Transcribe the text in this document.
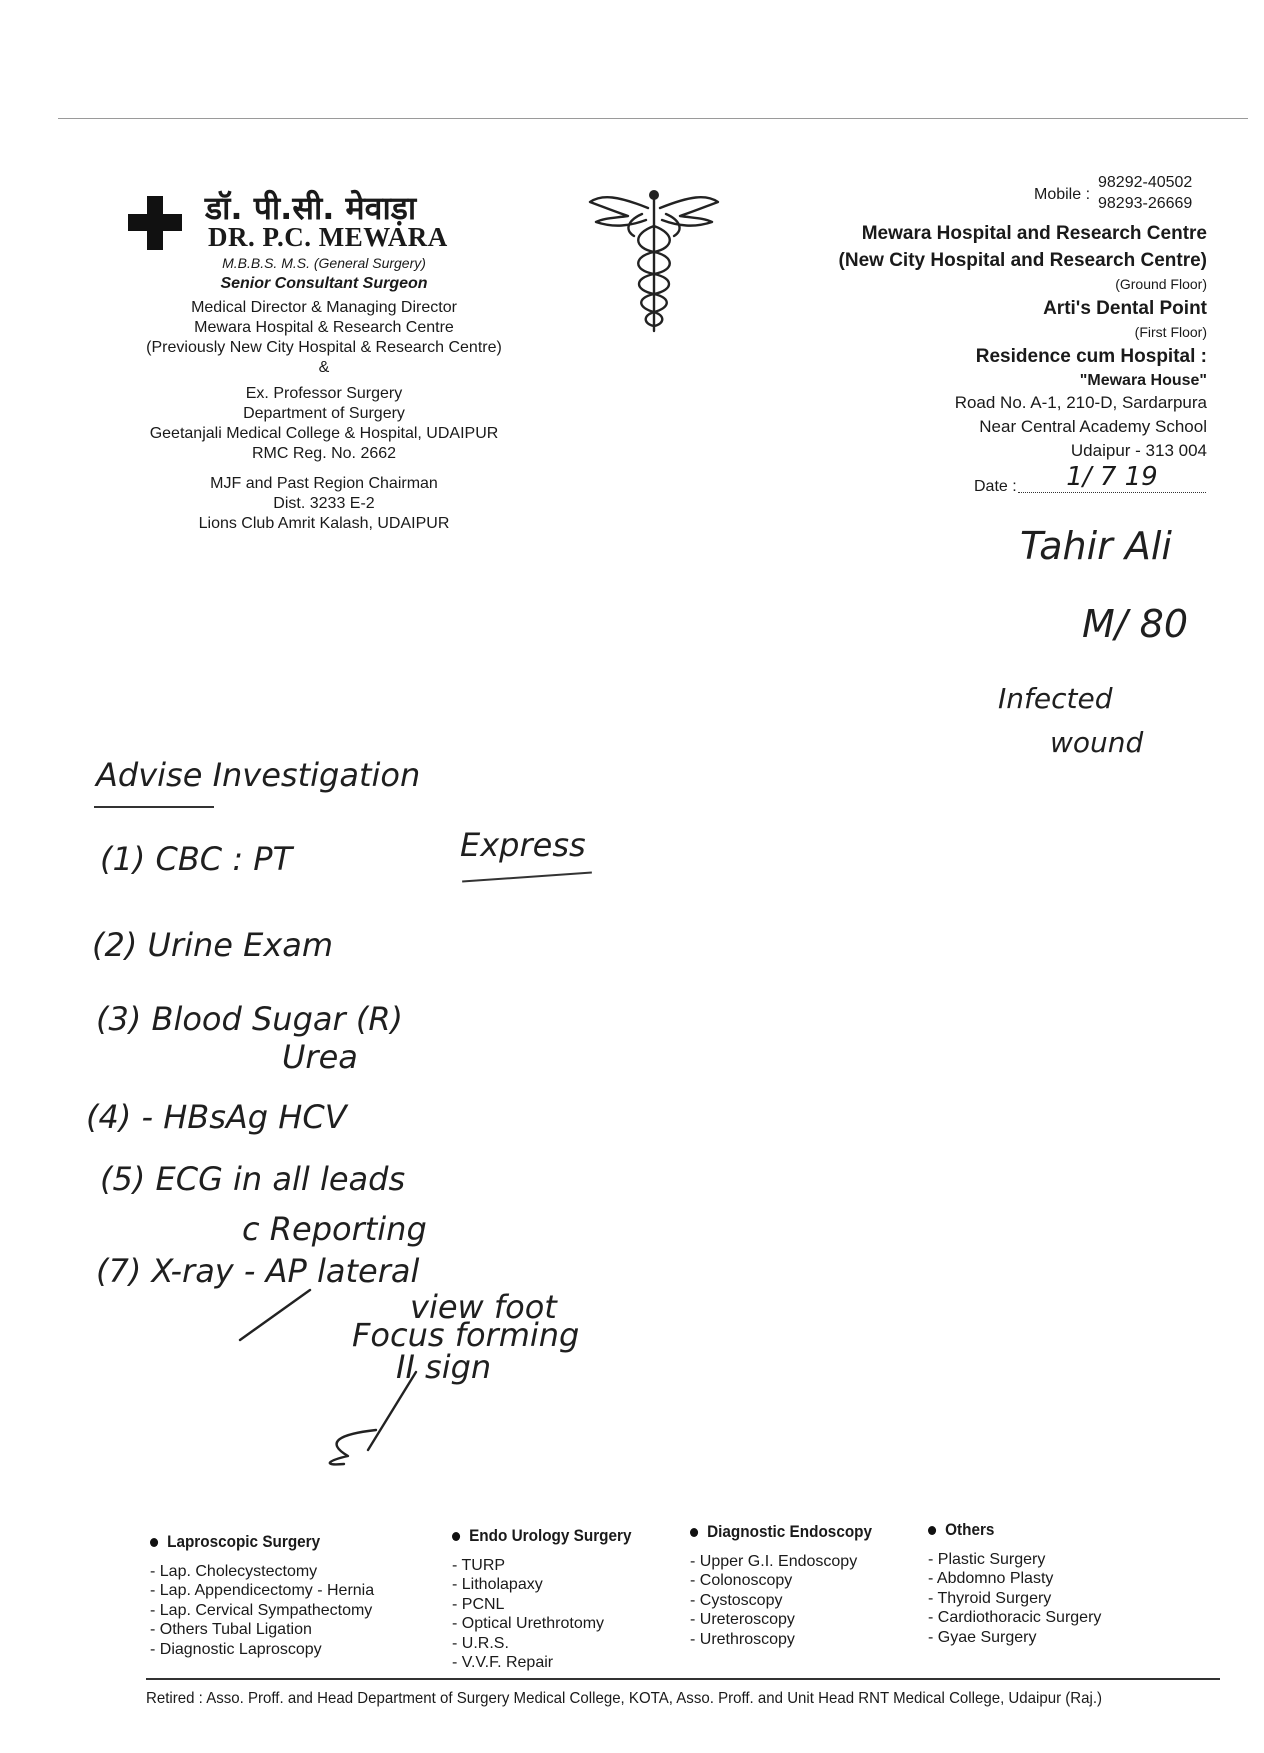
डॉ. पी.सी. मेवाड़ा
DR. P.C. MEWARA
M.B.B.S. M.S. (General Surgery)
Senior Consultant Surgeon
Medical Director & Managing Director
Mewara Hospital & Research Centre
(Previously New City Hospital & Research Centre)
&
Ex. Professor Surgery
Department of Surgery
Geetanjali Medical College & Hospital, UDAIPUR
RMC Reg. No. 2662
MJF and Past Region Chairman
Dist. 3233 E-2
Lions Club Amrit Kalash, UDAIPUR
Mobile :
98292-40502
98293-26669
Mewara Hospital and Research Centre
(New City Hospital and Research Centre)
(Ground Floor)
Arti's Dental Point
(First Floor)
Residence cum Hospital :
"Mewara House"
Road No. A-1, 210-D, Sardarpura
Near Central Academy School
Udaipur - 313 004
Date :	1/ 7 19
Tahir Ali
M/ 80
Infected
wound
Advise Investigation
Express
(1) CBC : PT
(2) Urine Exam
(3) Blood Sugar (R)
Urea
(4) - HBsAg HCV
(5) ECG in all leads
c Reporting
(7) X-ray - AP lateral
view foot
Focus forming
II sign
Laproscopic Surgery
- Lap. Cholecystectomy
- Lap. Appendicectomy - Hernia
- Lap. Cervical Sympathectomy
- Others Tubal Ligation
- Diagnostic Laproscopy
Endo Urology Surgery
- TURP
- Litholapaxy
- PCNL
- Optical Urethrotomy
- U.R.S.
- V.V.F. Repair
Diagnostic Endoscopy
- Upper G.I. Endoscopy
- Colonoscopy
- Cystoscopy
- Ureteroscopy
- Urethroscopy
Others
- Plastic Surgery
- Abdomno Plasty
- Thyroid Surgery
- Cardiothoracic Surgery
- Gyae Surgery
Retired : Asso. Proff. and Head Department of Surgery Medical College, KOTA, Asso. Proff. and Unit Head RNT Medical College, Udaipur (Raj.)
